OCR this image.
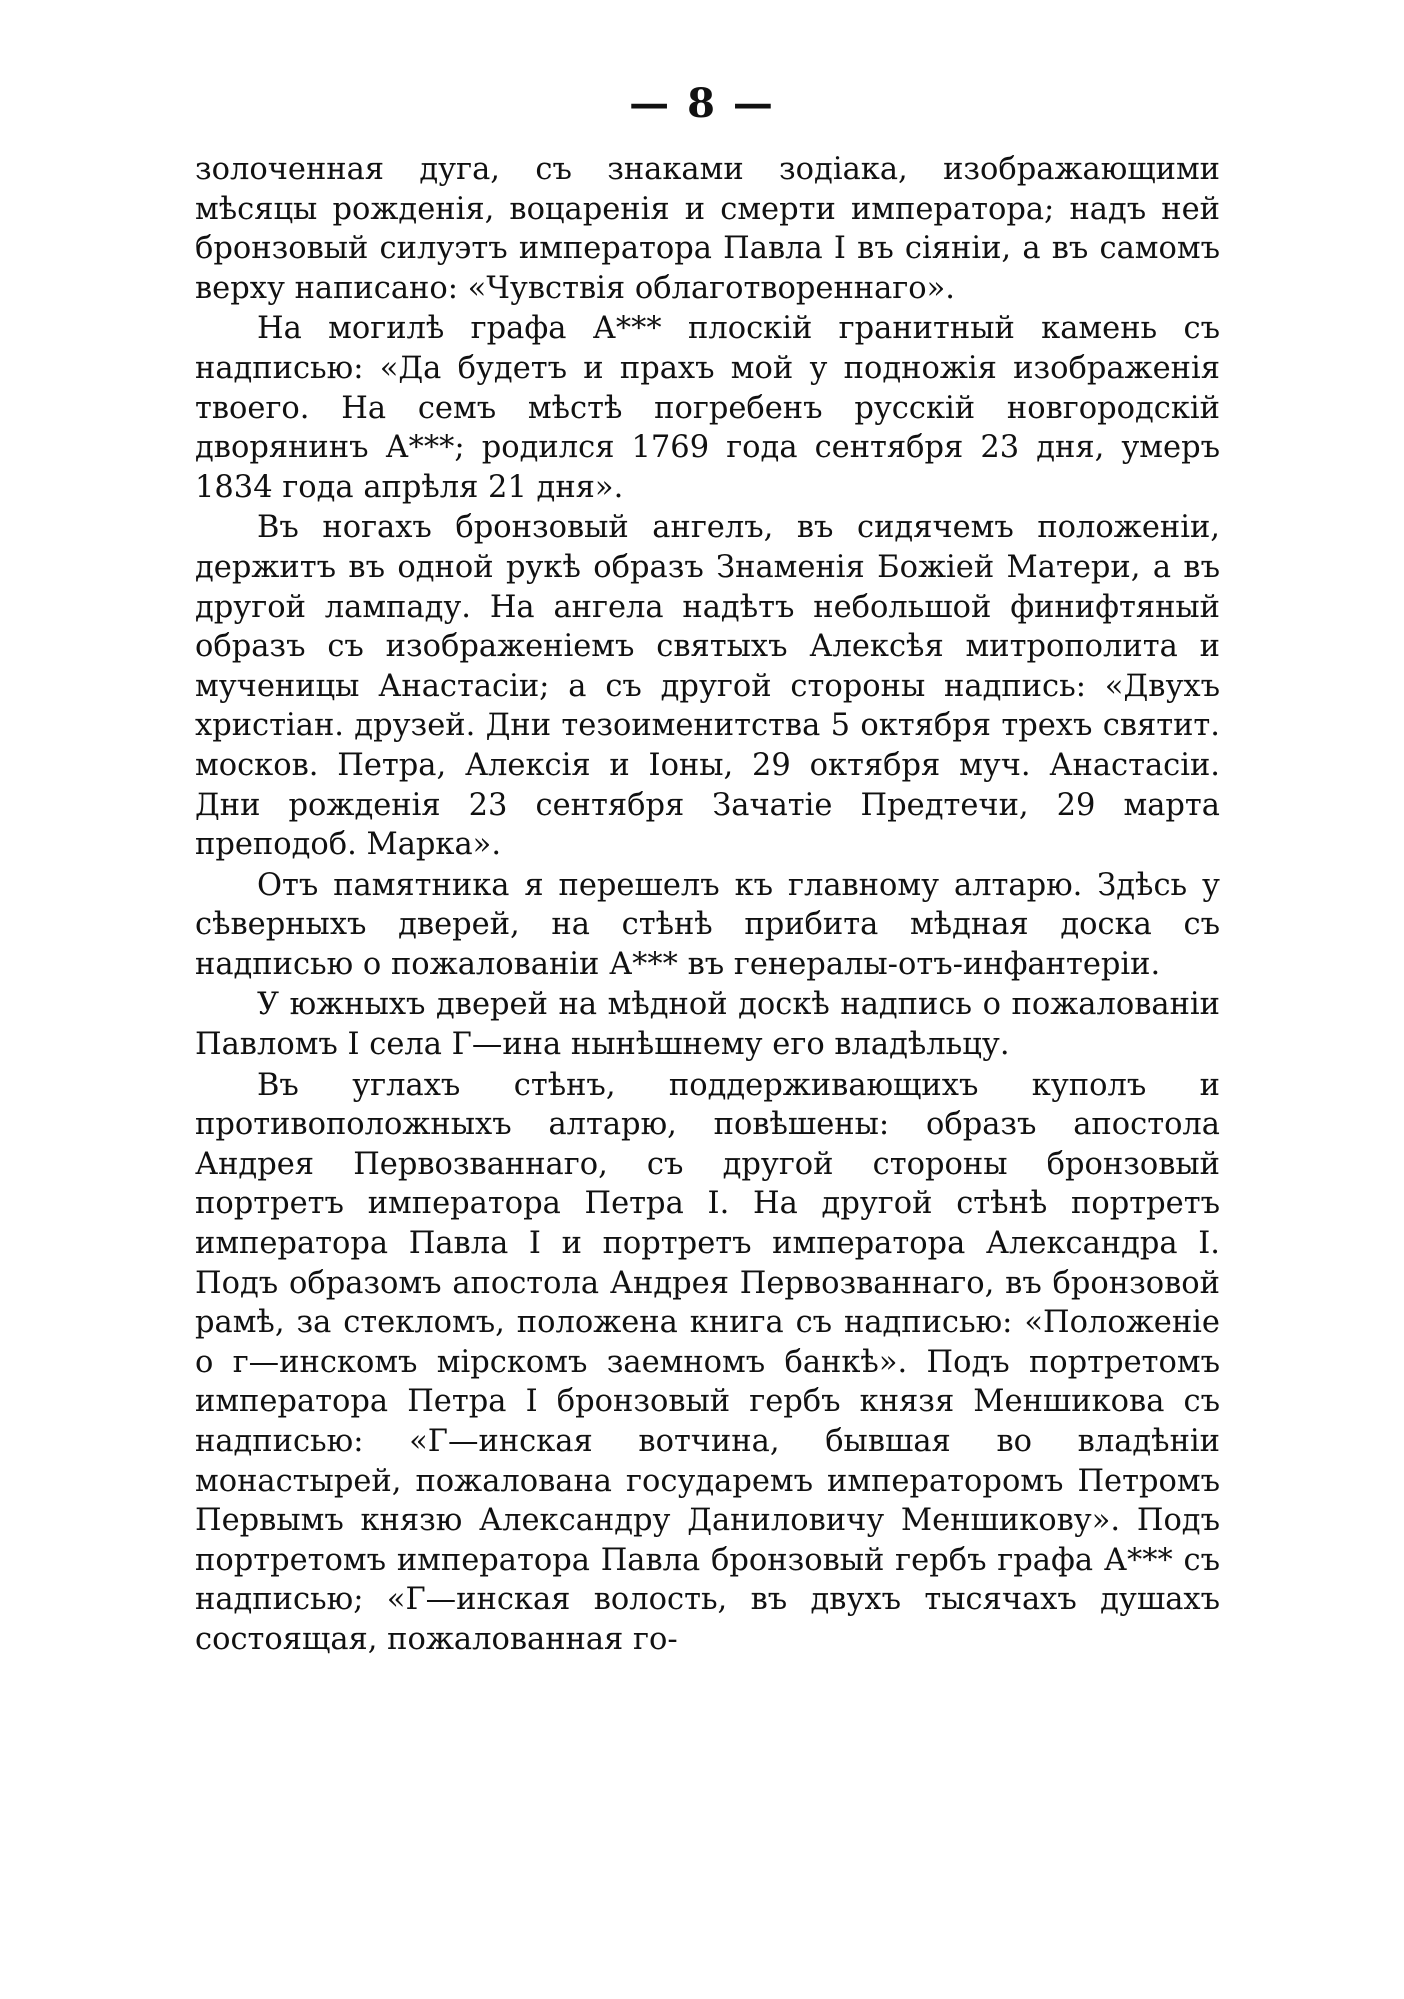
— 8 —

золоченная дуга, съ знаками зодіака, изображающими мѣсяцы рожденія, воцаренія и смерти императора; надъ ней бронзовый силуэтъ императора Павла I въ сіяніи, а въ самомъ верху написано: «Чувствія облаготвореннаго».

На могилѣ графа А*** плоскій гранитный камень съ надписью: «Да будетъ и прахъ мой у подножія изображенія твоего. На семъ мѣстѣ погребенъ русскій новгородскій дворянинъ А***; родился 1769 года сентября 23 дня, умеръ 1834 года апрѣля 21 дня».

Въ ногахъ бронзовый ангелъ, въ сидячемъ положеніи, держитъ въ одной рукѣ образъ Знаменія Божіей Матери, а въ другой лампаду. На ангела надѣтъ небольшой финифтяный образъ съ изображеніемъ святыхъ Алексѣя митрополита и мученицы Анастасіи; а съ другой стороны надпись: «Двухъ христіан. друзей. Дни тезоименитства 5 октября трехъ святит. москов. Петра, Алексія и Іоны, 29 октября муч. Анастасіи. Дни рожденія 23 сентября Зачатіе Предтечи, 29 марта преподоб. Марка».

Отъ памятника я перешелъ къ главному алтарю. Здѣсь у сѣверныхъ дверей, на стѣнѣ прибита мѣдная доска съ надписью о пожалованіи А*** въ генералы-отъ-инфантеріи.

У южныхъ дверей на мѣдной доскѣ надпись о пожалованіи Павломъ I села Г—ина нынѣшнему его владѣльцу.

Въ углахъ стѣнъ, поддерживающихъ куполъ и противоположныхъ алтарю, повѣшены: образъ апостола Андрея Первозваннаго, съ другой стороны бронзовый портретъ императора Петра I. На другой стѣнѣ портретъ императора Павла I и портретъ императора Александра I. Подъ образомъ апостола Андрея Первозваннаго, въ бронзовой рамѣ, за стекломъ, положена книга съ надписью: «Положеніе о г—инскомъ мірскомъ заемномъ банкѣ». Подъ портретомъ императора Петра I бронзовый гербъ князя Меншикова съ надписью: «Г—инская вотчина, бывшая во владѣніи монастырей, пожалована государемъ императоромъ Петромъ Первымъ князю Александру Даниловичу Меншикову». Подъ портретомъ императора Павла бронзовый гербъ графа А*** съ надписью; «Г—инская волость, въ двухъ тысячахъ душахъ состоящая, пожалованная го-
